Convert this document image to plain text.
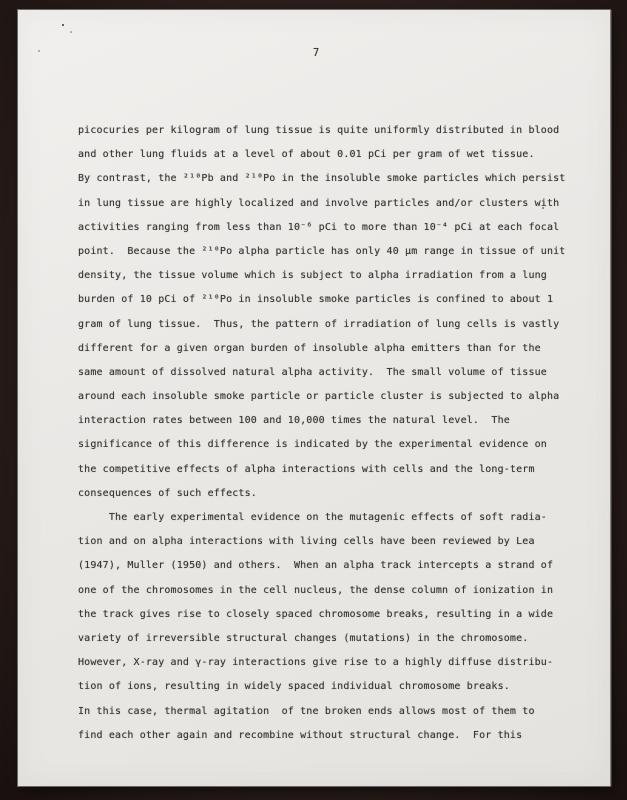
7
picocuries per kilogram of lung tissue is quite uniformly distributed in blood
and other lung fluids at a level of about 0.01 pCi per gram of wet tissue.
By contrast, the ²¹⁰Pb and ²¹⁰Po in the insoluble smoke particles which persist
in lung tissue are highly localized and involve particles and/or clusters with
activities ranging from less than 10⁻⁶ pCi to more than 10⁻⁴ pCi at each focal
point.  Because the ²¹⁰Po alpha particle has only 40 µm range in tissue of unit
density, the tissue volume which is subject to alpha irradiation from a lung
burden of 10 pCi of ²¹⁰Po in insoluble smoke particles is confined to about 1
gram of lung tissue.  Thus, the pattern of irradiation of lung cells is vastly
different for a given organ burden of insoluble alpha emitters than for the
same amount of dissolved natural alpha activity.  The small volume of tissue
around each insoluble smoke particle or particle cluster is subjected to alpha
interaction rates between 100 and 10,000 times the natural level.  The
significance of this difference is indicated by the experimental evidence on
the competitive effects of alpha interactions with cells and the long-term
consequences of such effects.
The early experimental evidence on the mutagenic effects of soft radia-
tion and on alpha interactions with living cells have been reviewed by Lea
(1947), Muller (1950) and others.  When an alpha track intercepts a strand of
one of the chromosomes in the cell nucleus, the dense column of ionization in
the track gives rise to closely spaced chromosome breaks, resulting in a wide
variety of irreversible structural changes (mutations) in the chromosome.
However, X-ray and γ-ray interactions give rise to a highly diffuse distribu-
tion of ions, resulting in widely spaced individual chromosome breaks.
In this case, thermal agitation  of tne broken ends allows most of them to
find each other again and recombine without structural change.  For this
